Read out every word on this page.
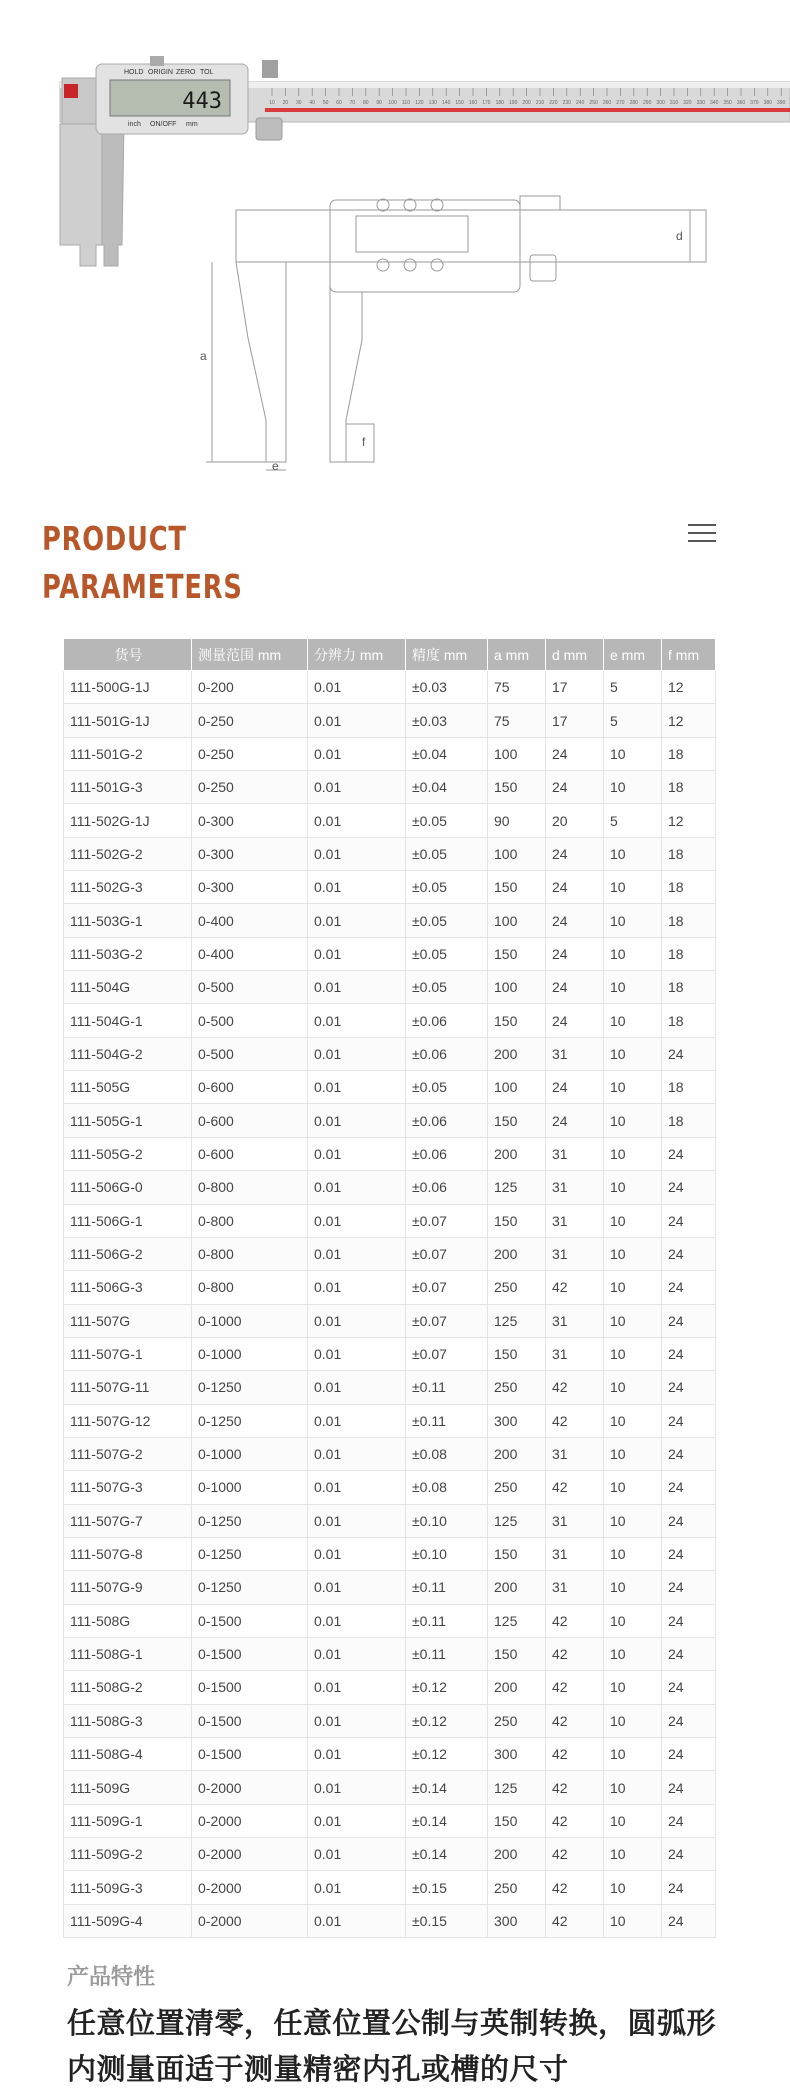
10 20 30 40 50 60 70 80 90 100 110 120 130 140 150 160 170 180 190 200 210 220 230 240 250 260 270 280 290 300 310 320 330 340 350 360 370 380 390
443
HOLD ORIGIN ZERO TOL
inch ON/OFF mm
a
d
e
f
PRODUCT
PARAMETERS
货号	测量范围 mm	分辨力 mm	精度 mm	a mm	d mm	e mm	f mm
111-500G-1J	0-200	0.01	±0.03	75	17	5	12
111-501G-1J	0-250	0.01	±0.03	75	17	5	12
111-501G-2	0-250	0.01	±0.04	100	24	10	18
111-501G-3	0-250	0.01	±0.04	150	24	10	18
111-502G-1J	0-300	0.01	±0.05	90	20	5	12
111-502G-2	0-300	0.01	±0.05	100	24	10	18
111-502G-3	0-300	0.01	±0.05	150	24	10	18
111-503G-1	0-400	0.01	±0.05	100	24	10	18
111-503G-2	0-400	0.01	±0.05	150	24	10	18
111-504G	0-500	0.01	±0.05	100	24	10	18
111-504G-1	0-500	0.01	±0.06	150	24	10	18
111-504G-2	0-500	0.01	±0.06	200	31	10	24
111-505G	0-600	0.01	±0.05	100	24	10	18
111-505G-1	0-600	0.01	±0.06	150	24	10	18
111-505G-2	0-600	0.01	±0.06	200	31	10	24
111-506G-0	0-800	0.01	±0.06	125	31	10	24
111-506G-1	0-800	0.01	±0.07	150	31	10	24
111-506G-2	0-800	0.01	±0.07	200	31	10	24
111-506G-3	0-800	0.01	±0.07	250	42	10	24
111-507G	0-1000	0.01	±0.07	125	31	10	24
111-507G-1	0-1000	0.01	±0.07	150	31	10	24
111-507G-11	0-1250	0.01	±0.11	250	42	10	24
111-507G-12	0-1250	0.01	±0.11	300	42	10	24
111-507G-2	0-1000	0.01	±0.08	200	31	10	24
111-507G-3	0-1000	0.01	±0.08	250	42	10	24
111-507G-7	0-1250	0.01	±0.10	125	31	10	24
111-507G-8	0-1250	0.01	±0.10	150	31	10	24
111-507G-9	0-1250	0.01	±0.11	200	31	10	24
111-508G	0-1500	0.01	±0.11	125	42	10	24
111-508G-1	0-1500	0.01	±0.11	150	42	10	24
111-508G-2	0-1500	0.01	±0.12	200	42	10	24
111-508G-3	0-1500	0.01	±0.12	250	42	10	24
111-508G-4	0-1500	0.01	±0.12	300	42	10	24
111-509G	0-2000	0.01	±0.14	125	42	10	24
111-509G-1	0-2000	0.01	±0.14	150	42	10	24
111-509G-2	0-2000	0.01	±0.14	200	42	10	24
111-509G-3	0-2000	0.01	±0.15	250	42	10	24
111-509G-4	0-2000	0.01	±0.15	300	42	10	24
产品特性
任意位置清零，任意位置公制与英制转换，圆弧形内测量面适于测量精密内孔或槽的尺寸
